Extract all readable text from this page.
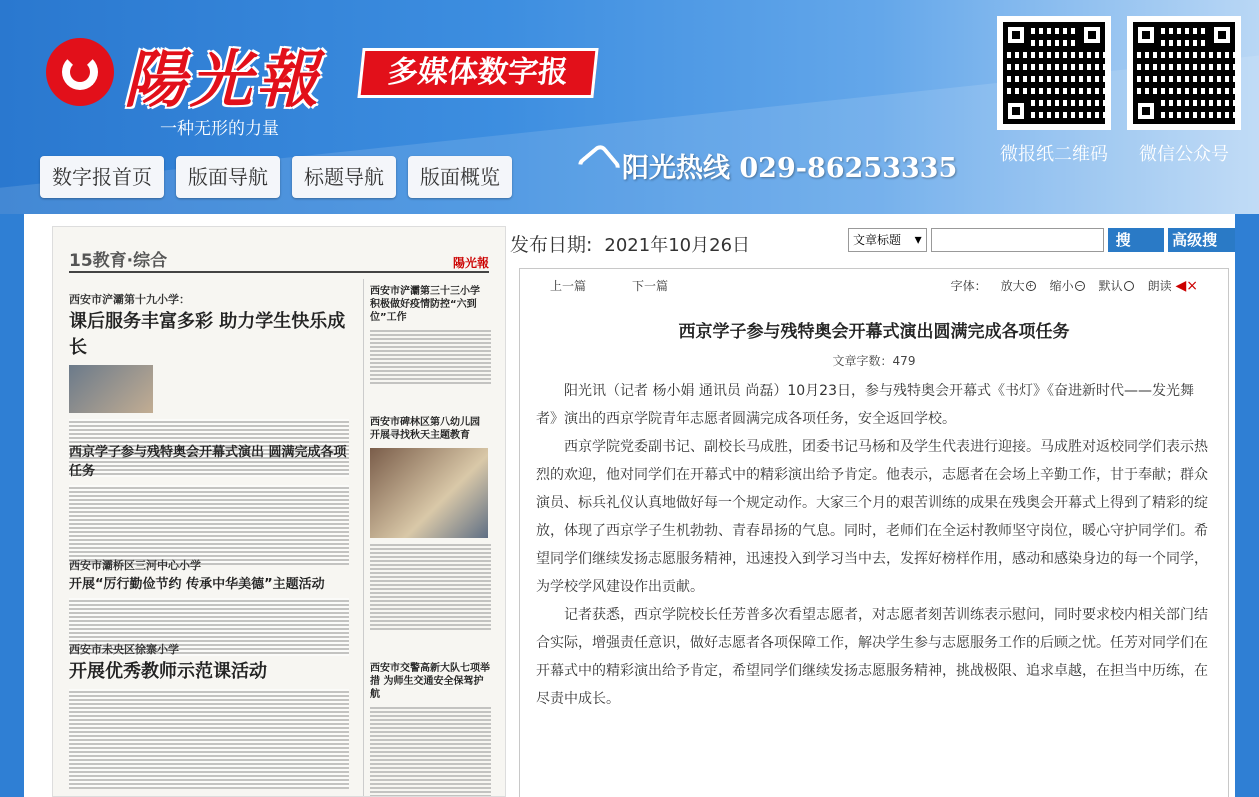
陽光報	多媒体数字报
一种无形的力量
数字报首页	版面导航	标题导航	版面概览	阳光热线 029-86253335	微报纸二维码	微信公众号
15教育·综合	陽光報
西安市浐灞第十九小学：
课后服务丰富多彩 助力学生快乐成长
西京学子参与残特奥会开幕式演出 圆满完成各项任务
西安市灞桥区三河中心小学
开展“厉行勤俭节约 传承中华美德”主题活动
西安市未央区徐寨小学
开展优秀教师示范课活动
西安市浐灞第三十三小学 积极做好疫情防控“六到位”工作
西安市碑林区第八幼儿园 开展寻找秋天主题教育
西安市交警高新大队七项举措 为师生交通安全保驾护航
发布日期: 2021年10月26日	文章标题 ▾	搜 索
高级搜索
上一篇	下一篇	字体： 放大 + 缩小 − 默认	朗读 ◀×
西京学子参与残特奥会开幕式演出圆满完成各项任务
文章字数：479

阳光讯（记者 杨小娟 通讯员 尚磊）10月23日，参与残特奥会开幕式《书灯》《奋进新时代——发光舞者》演出的西京学院青年志愿者圆满完成各项任务，安全返回学校。

西京学院党委副书记、副校长马成胜，团委书记马杨和及学生代表进行迎接。马成胜对返校同学们表示热烈的欢迎，他对同学们在开幕式中的精彩演出给予肯定。他表示，志愿者在会场上辛勤工作，甘于奉献；群众演员、标兵礼仪认真地做好每一个规定动作。大家三个月的艰苦训练的成果在残奥会开幕式上得到了精彩的绽放，体现了西京学子生机勃勃、青春昂扬的气息。同时，老师们在全运村教师坚守岗位，暖心守护同学们。希望同学们继续发扬志愿服务精神，迅速投入到学习当中去，发挥好榜样作用，感动和感染身边的每一个同学，为学校学风建设作出贡献。

记者获悉，西京学院校长任芳普多次看望志愿者，对志愿者刻苦训练表示慰问，同时要求校内相关部门结合实际，增强责任意识，做好志愿者各项保障工作，解决学生参与志愿服务工作的后顾之忧。任芳对同学们在开幕式中的精彩演出给予肯定，希望同学们继续发扬志愿服务精神，挑战极限、追求卓越，在担当中历练，在尽责中成长。
